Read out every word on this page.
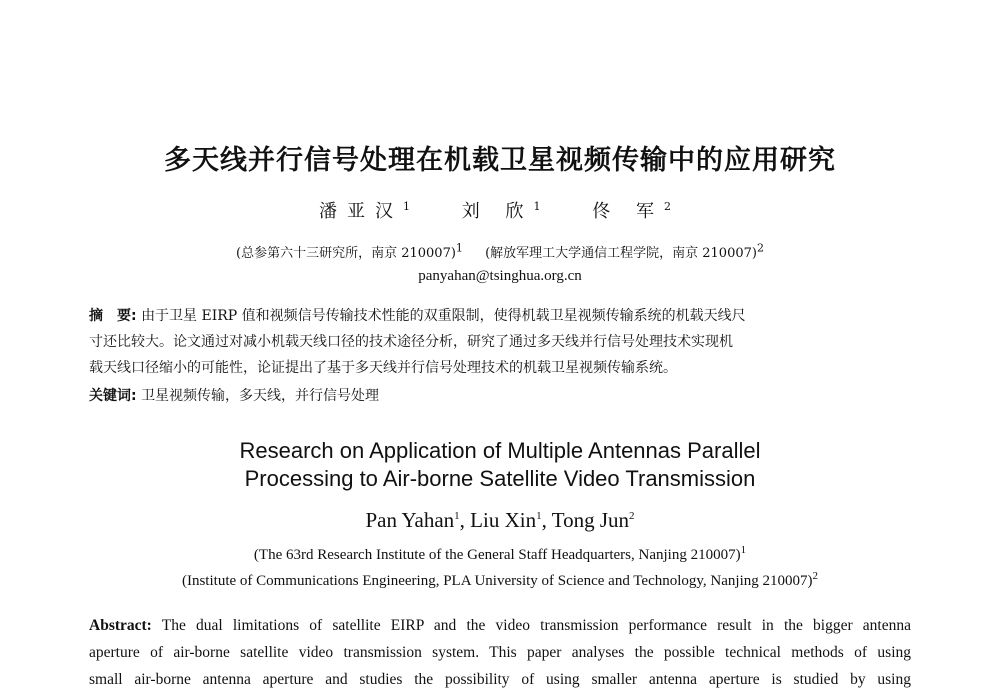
多天线并行信号处理在机载卫星视频传输中的应用研究
潘亚汉$^1$ 刘 欣$^1$ 佟 军$^2$
(总参第六十三研究所，南京 210007)$^1$ (解放军理工大学通信工程学院，南京 210007)$^2$
panyahan@tsinghua.org.cn
摘　要: 由于卫星 EIRP 值和视频信号传输技术性能的双重限制，使得机载卫星视频传输系统的机载天线尺
寸还比较大。论文通过对减小机载天线口径的技术途径分析，研究了通过多天线并行信号处理技术实现机
载天线口径缩小的可能性，论证提出了基于多天线并行信号处理技术的机载卫星视频传输系统。
关键词: 卫星视频传输，多天线，并行信号处理
Research on Application of Multiple Antennas Parallel
Processing to Air-borne Satellite Video Transmission
Pan Yahan$^1$ , Liu Xin$^1$ , Tong Jun$^2$
(The 63rd Research Institute of the General Staff Headquarters, Nanjing 210007)$^1$
(Institute of Communications Engineering, PLA University of Science and Technology, Nanjing 210007)$^2$
Abstract: The dual limitations of satellite EIRP and the video transmission performance result in the bigger antenna
aperture of air-borne satellite video transmission system. This paper analyses the possible technical methods of using
small air-borne antenna aperture and studies the possibility of using smaller antenna aperture is studied by using
